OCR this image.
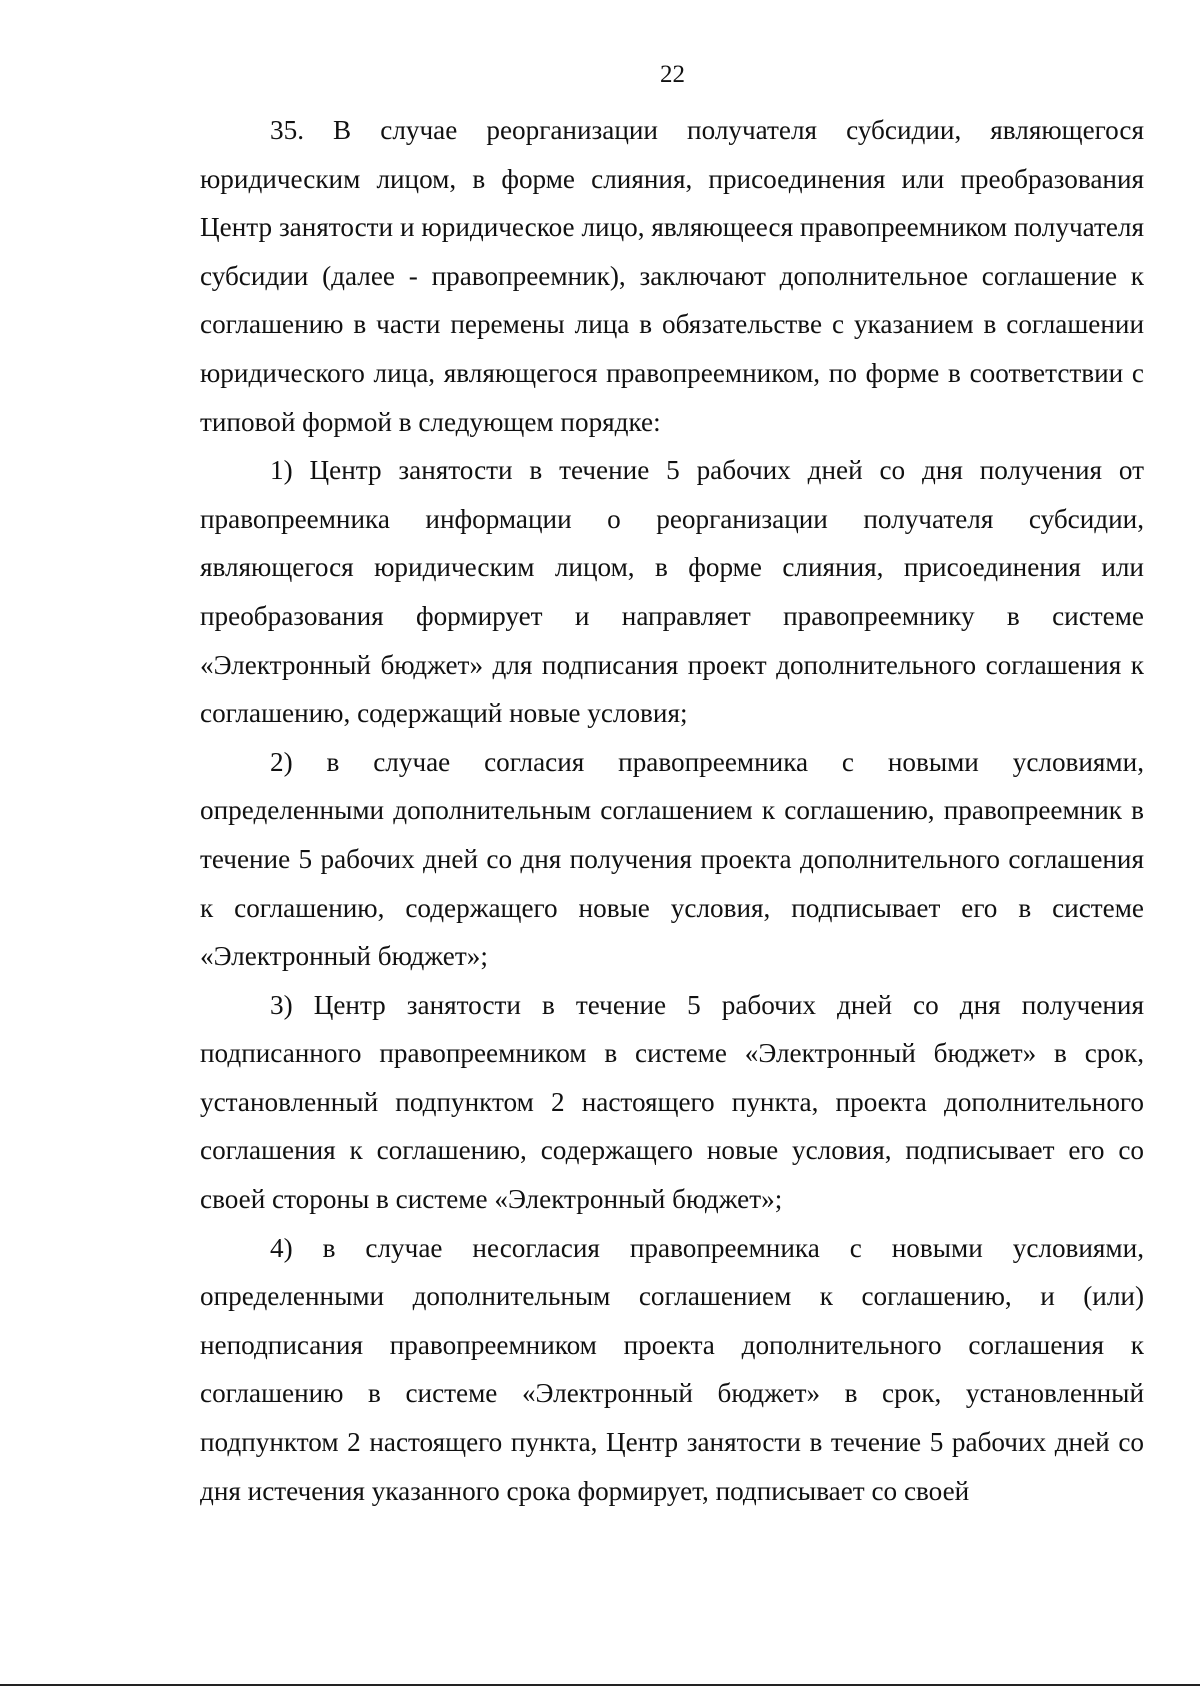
22

35. В случае реорганизации получателя субсидии, являющегося юридическим лицом, в форме слияния, присоединения или преобразования Центр занятости и юридическое лицо, являющееся правопреемником получателя субсидии (далее - правопреемник), заключают дополнительное соглашение к соглашению в части перемены лица в обязательстве с указанием в соглашении юридического лица, являющегося правопреемником, по форме в соответствии с типовой формой в следующем порядке:

1) Центр занятости в течение 5 рабочих дней со дня получения от правопреемника информации о реорганизации получателя субсидии, являющегося юридическим лицом, в форме слияния, присоединения или преобразования формирует и направляет правопреемнику в системе «Электронный бюджет» для подписания проект дополнительного соглашения к соглашению, содержащий новые условия;

2) в случае согласия правопреемника с новыми условиями, определенными дополнительным соглашением к соглашению, правопреемник в течение 5 рабочих дней со дня получения проекта дополнительного соглашения к соглашению, содержащего новые условия, подписывает его в системе «Электронный бюджет»;

3) Центр занятости в течение 5 рабочих дней со дня получения подписанного правопреемником в системе «Электронный бюджет» в срок, установленный подпунктом 2 настоящего пункта, проекта дополнительного соглашения к соглашению, содержащего новые условия, подписывает его со своей стороны в системе «Электронный бюджет»;

4) в случае несогласия правопреемника с новыми условиями, определенными дополнительным соглашением к соглашению, и (или) неподписания правопреемником проекта дополнительного соглашения к соглашению в системе «Электронный бюджет» в срок, установленный подпунктом 2 настоящего пункта, Центр занятости в течение 5 рабочих дней со дня истечения указанного срока формирует, подписывает со своей
